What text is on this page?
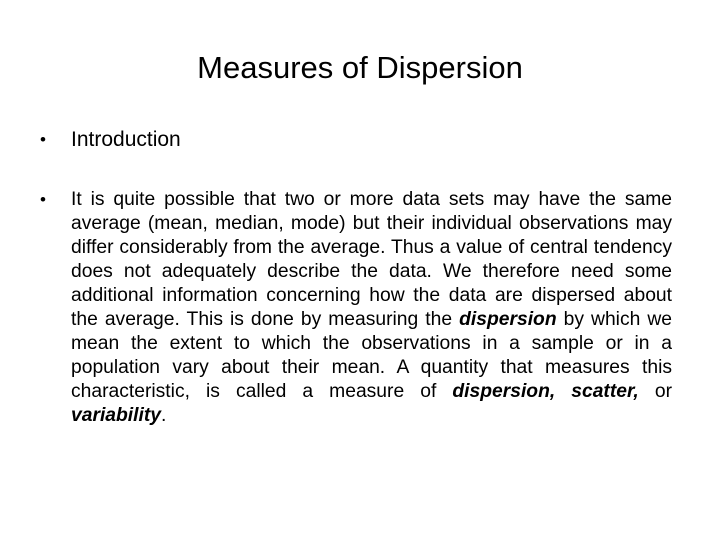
Measures of Dispersion
•	Introduction
•	It is quite possible that two or more data sets may have the same average (mean, median, mode) but their individual observations may differ considerably from the average. Thus a value of central tendency does not adequately describe the data. We therefore need some additional information concerning how the data are dispersed about the average. This is done by measuring the dispersion by which we mean the extent to which the observations in a sample or in a population vary about their mean. A quantity that measures this characteristic, is called a measure of dispersion, scatter, or variability.
